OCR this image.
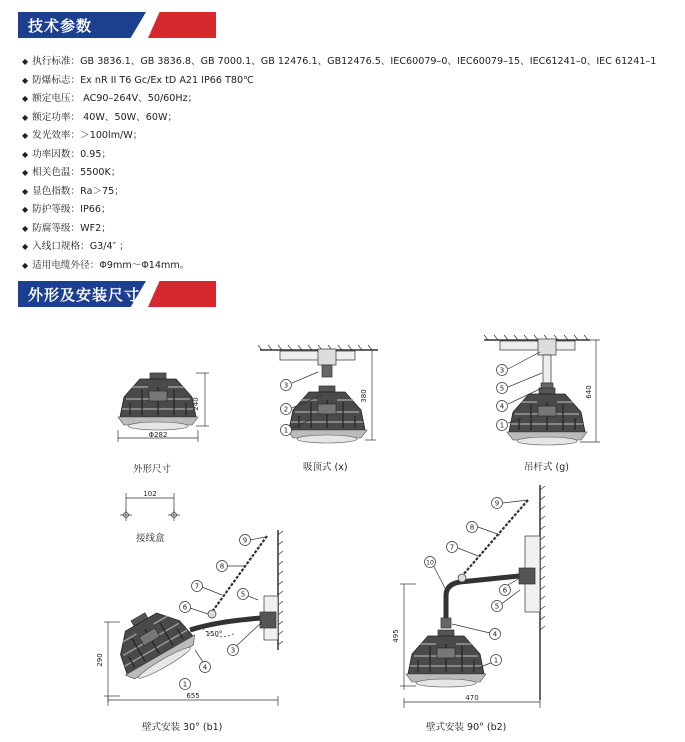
技术参数
◆ 执行标准：GB 3836.1、GB 3836.8、GB 7000.1、GB 12476.1、GB12476.5、IEC60079–0、IEC60079–15、IEC61241–0、IEC 61241–1
◆ 防爆标志：Ex nR II T6 Gc/Ex tD A21 IP66 T80℃
◆ 额定电压： AC90–264V、50/60Hz；
◆ 额定功率： 40W、50W、60W；
◆ 发光效率：＞100lm/W；
◆ 功率因数：0.95；
◆ 相关色温：5500K；
◆ 显色指数：Ra＞75；
◆ 防护等级：IP66；
◆ 防腐等级：WF2；
◆ 入线口规格：G3/4″ ；
◆ 适用电缆外径：Φ9mm～Φ14mm。
外形及安装尺寸
3
2
1
3
5
4
1
9
8
7
6
5
4
3
1
9
8
7
10
6
5
4
1
240
Φ282
380	640
102
290
655
150°	495
470
外形尺寸	吸顶式 (x)	吊杆式 (g)
接线盒
壁式安装 30° (b1)	壁式安装 90° (b2)
